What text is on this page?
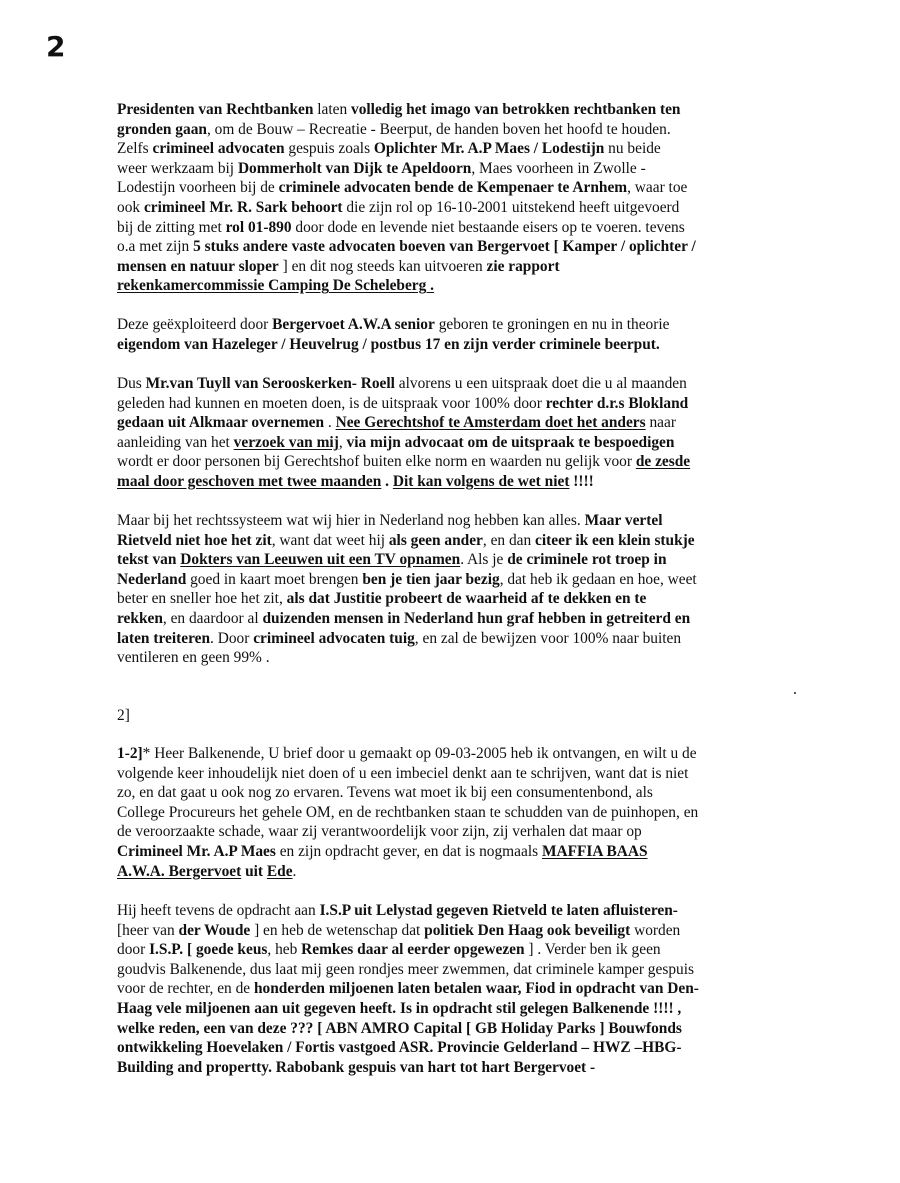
2
Presidenten van Rechtbanken laten volledig het imago van betrokken rechtbanken ten
gronden gaan, om de Bouw – Recreatie - Beerput, de handen boven het hoofd te houden.
Zelfs crimineel advocaten gespuis zoals Oplichter Mr. A.P Maes / Lodestijn nu beide
weer werkzaam bij Dommerholt van Dijk te Apeldoorn, Maes voorheen in Zwolle -
Lodestijn voorheen bij de criminele advocaten bende de Kempenaer te Arnhem, waar toe
ook crimineel Mr. R. Sark behoort die zijn rol op 16-10-2001 uitstekend heeft uitgevoerd
bij de zitting met rol 01-890 door dode en levende niet bestaande eisers op te voeren. tevens
o.a met zijn 5 stuks andere vaste advocaten boeven van Bergervoet [ Kamper / oplichter /
mensen en natuur sloper ] en dit nog steeds kan uitvoeren zie rapport
rekenkamercommissie Camping De Scheleberg .
Deze geëxploiteerd door Bergervoet A.W.A senior geboren te groningen en nu in theorie
eigendom van Hazeleger / Heuvelrug / postbus 17 en zijn verder criminele beerput.
Dus Mr.van Tuyll van Serooskerken- Roell alvorens u een uitspraak doet die u al maanden
geleden had kunnen en moeten doen, is de uitspraak voor 100% door rechter d.r.s Blokland
gedaan uit Alkmaar overnemen . Nee Gerechtshof te Amsterdam doet het anders naar
aanleiding van het verzoek van mij, via mijn advocaat om de uitspraak te bespoedigen
wordt er door personen bij Gerechtshof buiten elke norm en waarden nu gelijk voor de zesde
maal door geschoven met twee maanden . Dit kan volgens de wet niet !!!!
Maar bij het rechtssysteem wat wij hier in Nederland nog hebben kan alles. Maar vertel
Rietveld niet hoe het zit, want dat weet hij als geen ander, en dan citeer ik een klein stukje
tekst van Dokters van Leeuwen uit een TV opnamen. Als je de criminele rot troep in
Nederland goed in kaart moet brengen ben je tien jaar bezig, dat heb ik gedaan en hoe, weet
beter en sneller hoe het zit, als dat Justitie probeert de waarheid af te dekken en te
rekken, en daardoor al duizenden mensen in Nederland hun graf hebben in getreiterd en
laten treiteren. Door crimineel advocaten tuig, en zal de bewijzen voor 100% naar buiten
ventileren en geen 99% .
2]
1-2]* Heer Balkenende, U brief door u gemaakt op 09-03-2005 heb ik ontvangen, en wilt u de
volgende keer inhoudelijk niet doen of u een imbeciel denkt aan te schrijven, want dat is niet
zo, en dat gaat u ook nog zo ervaren. Tevens wat moet ik bij een consumentenbond, als
College Procureurs het gehele OM, en de rechtbanken staan te schudden van de puinhopen, en
de veroorzaakte schade, waar zij verantwoordelijk voor zijn, zij verhalen dat maar op
Crimineel Mr. A.P Maes en zijn opdracht gever, en dat is nogmaals MAFFIA BAAS
A.W.A. Bergervoet uit Ede.
Hij heeft tevens de opdracht aan I.S.P uit Lelystad gegeven Rietveld te laten afluisteren-
[heer van der Woude ] en heb de wetenschap dat politiek Den Haag ook beveiligt worden
door I.S.P. [ goede keus, heb Remkes daar al eerder opgewezen ] . Verder ben ik geen
goudvis Balkenende, dus laat mij geen rondjes meer zwemmen, dat criminele kamper gespuis
voor de rechter, en de honderden miljoenen laten betalen waar, Fiod in opdracht van Den-
Haag vele miljoenen aan uit gegeven heeft. Is in opdracht stil gelegen Balkenende !!!! ,
welke reden, een van deze ??? [ ABN AMRO Capital [ GB Holiday Parks ] Bouwfonds
ontwikkeling Hoevelaken / Fortis vastgoed ASR. Provincie Gelderland – HWZ –HBG-
Building and propertty. Rabobank gespuis van hart tot hart Bergervoet -
